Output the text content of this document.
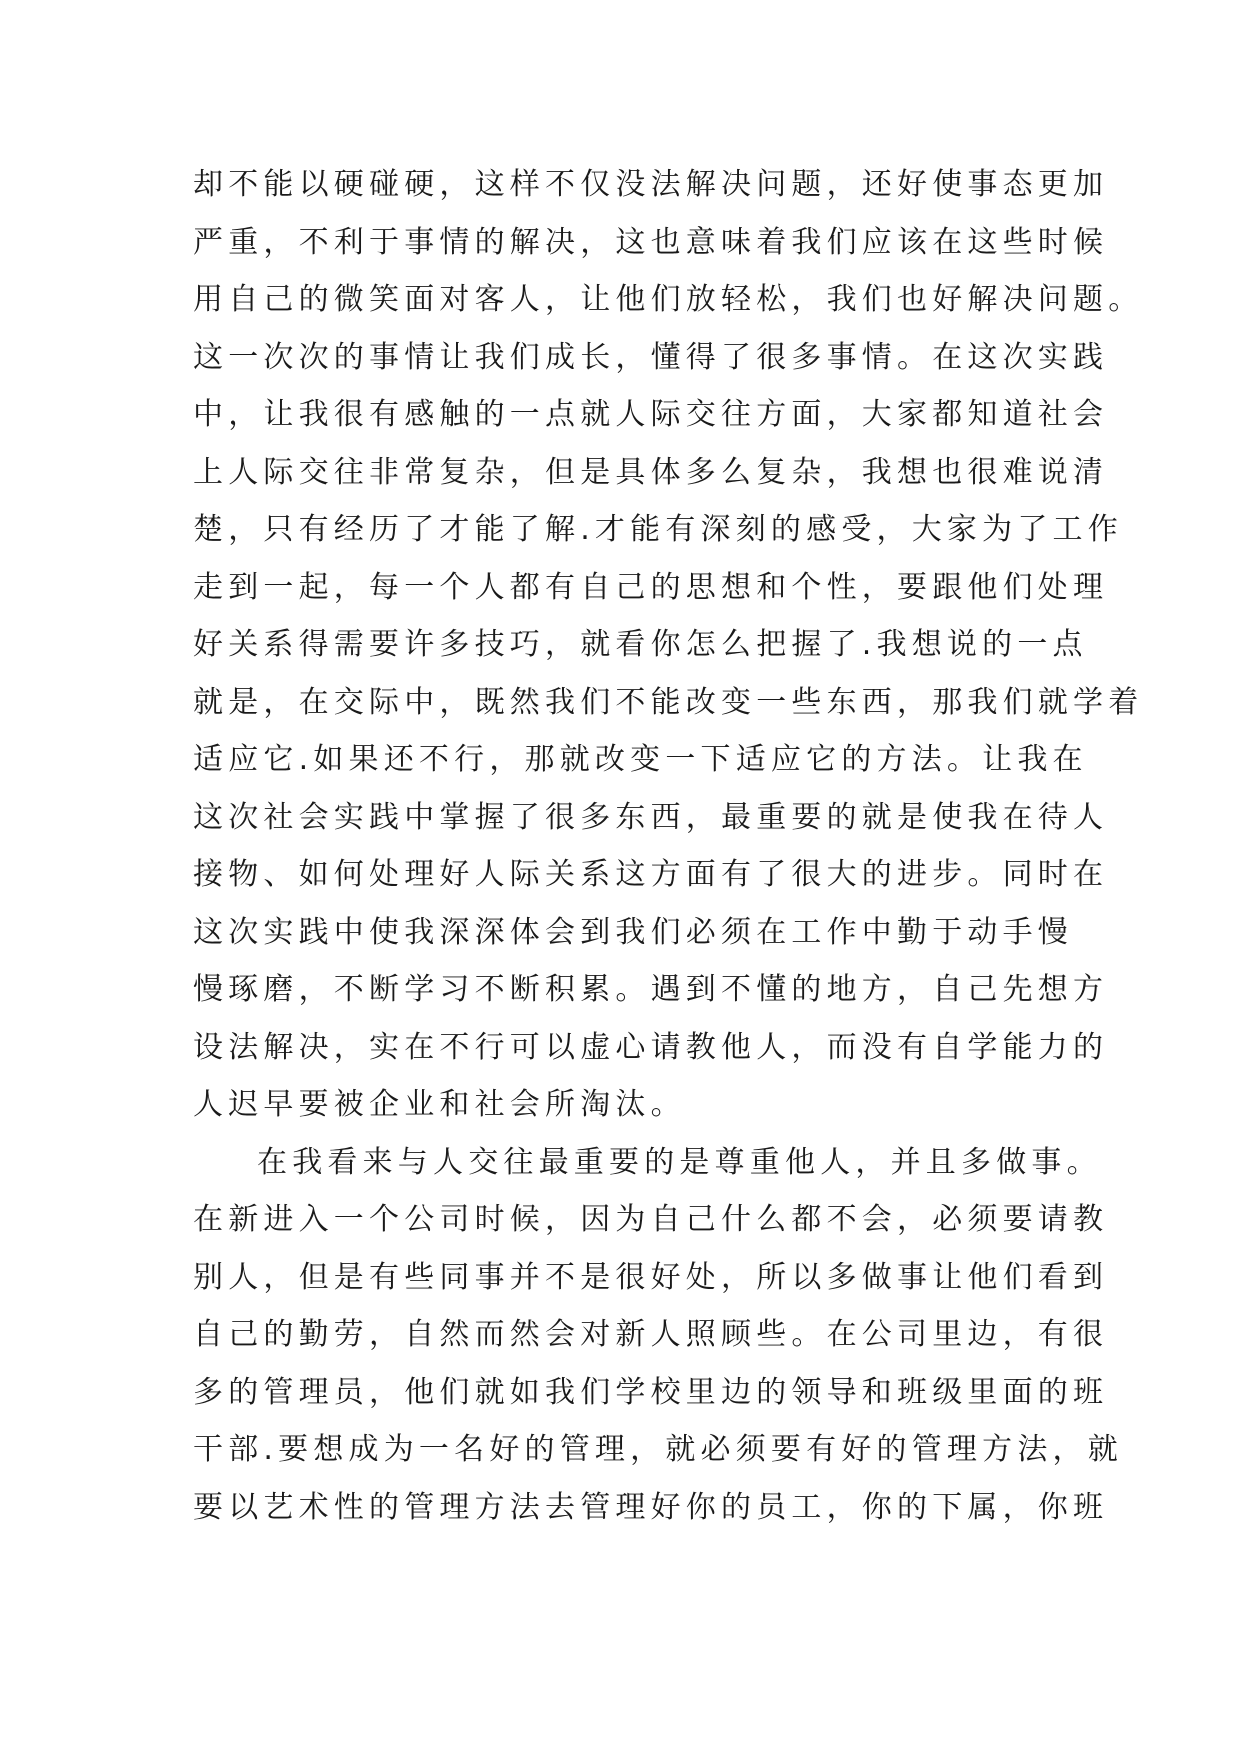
却不能以硬碰硬，这样不仅没法解决问题，还好使事态更加
严重，不利于事情的解决，这也意味着我们应该在这些时候
用自己的微笑面对客人，让他们放轻松，我们也好解决问题。
这一次次的事情让我们成长，懂得了很多事情。在这次实践
中，让我很有感触的一点就人际交往方面，大家都知道社会
上人际交往非常复杂，但是具体多么复杂，我想也很难说清
楚，只有经历了才能了解.才能有深刻的感受，大家为了工作
走到一起，每一个人都有自己的思想和个性，要跟他们处理
好关系得需要许多技巧，就看你怎么把握了.我想说的一点
就是，在交际中，既然我们不能改变一些东西，那我们就学着
适应它.如果还不行，那就改变一下适应它的方法。让我在
这次社会实践中掌握了很多东西，最重要的就是使我在待人
接物、如何处理好人际关系这方面有了很大的进步。同时在
这次实践中使我深深体会到我们必须在工作中勤于动手慢
慢琢磨，不断学习不断积累。遇到不懂的地方，自己先想方
设法解决，实在不行可以虚心请教他人，而没有自学能力的
人迟早要被企业和社会所淘汰。
在我看来与人交往最重要的是尊重他人，并且多做事。
在新进入一个公司时候，因为自己什么都不会，必须要请教
别人，但是有些同事并不是很好处，所以多做事让他们看到
自己的勤劳，自然而然会对新人照顾些。在公司里边，有很
多的管理员，他们就如我们学校里边的领导和班级里面的班
干部.要想成为一名好的管理，就必须要有好的管理方法，就
要以艺术性的管理方法去管理好你的员工，你的下属，你班
